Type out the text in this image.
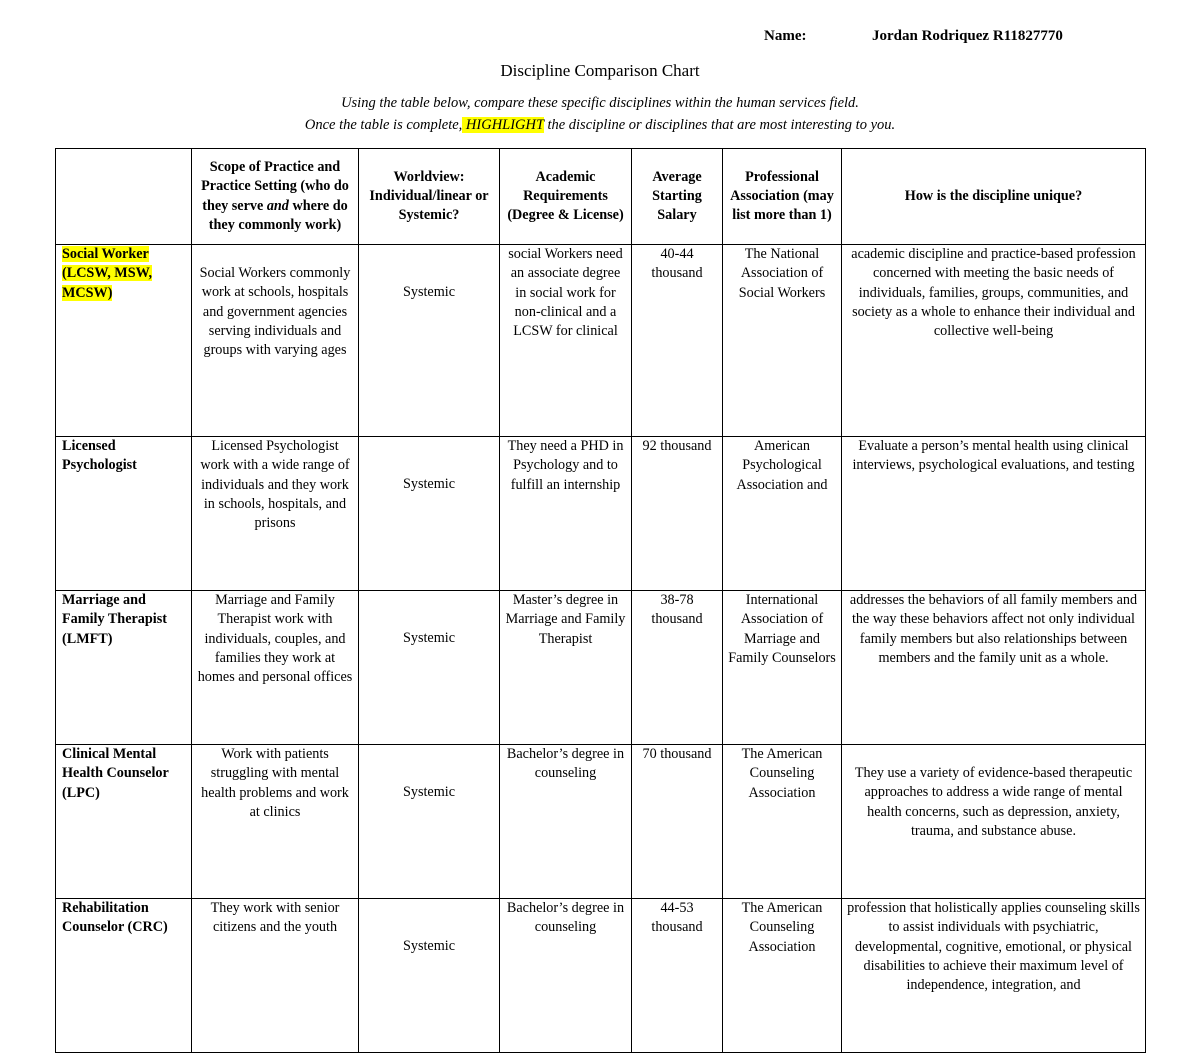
Name:	Jordan Rodriquez R11827770
Discipline Comparison Chart
Using the table below, compare these specific disciplines within the human services field.
Once the table is complete, HIGHLIGHT the discipline or disciplines that are most interesting to you.
	Scope of Practice and Practice Setting (who do they serve and where do they commonly work)	Worldview: Individual/linear or Systemic?	Academic Requirements (Degree & License)	Average Starting Salary	Professional Association (may list more than 1)	How is the discipline unique?
Social Worker (LCSW, MSW, MCSW)	Social Workers commonly work at schools, hospitals and government agencies serving individuals and groups with varying ages	Systemic	social Workers need an associate degree in social work for non-clinical and a LCSW for clinical	40-44 thousand	The National Association of Social Workers	academic discipline and practice-based profession concerned with meeting the basic needs of individuals, families, groups, communities, and society as a whole to enhance their individual and collective well-being
Licensed Psychologist	Licensed Psychologist work with a wide range of individuals and they work in schools, hospitals, and prisons	Systemic	They need a PHD in Psychology and to fulfill an internship	92 thousand	American Psychological Association and	Evaluate a person’s mental health using clinical interviews, psychological evaluations, and testing
Marriage and Family Therapist (LMFT)	Marriage and Family Therapist work with individuals, couples, and families they work at homes and personal offices	Systemic	Master’s degree in Marriage and Family Therapist	38-78 thousand	International Association of Marriage and Family Counselors	addresses the behaviors of all family members and the way these behaviors affect not only individual family members but also relationships between members and the family unit as a whole.
Clinical Mental Health Counselor (LPC)	Work with patients struggling with mental health problems and work at clinics	Systemic	Bachelor’s degree in counseling	70 thousand	The American Counseling Association	They use a variety of evidence-based therapeutic approaches to address a wide range of mental health concerns, such as depression, anxiety, trauma, and substance abuse.
Rehabilitation Counselor (CRC)	They work with senior citizens and the youth	Systemic	Bachelor’s degree in counseling	44-53 thousand	The American Counseling Association	profession that holistically applies counseling skills to assist individuals with psychiatric, developmental, cognitive, emotional, or physical disabilities to achieve their maximum level of independence, integration, and
